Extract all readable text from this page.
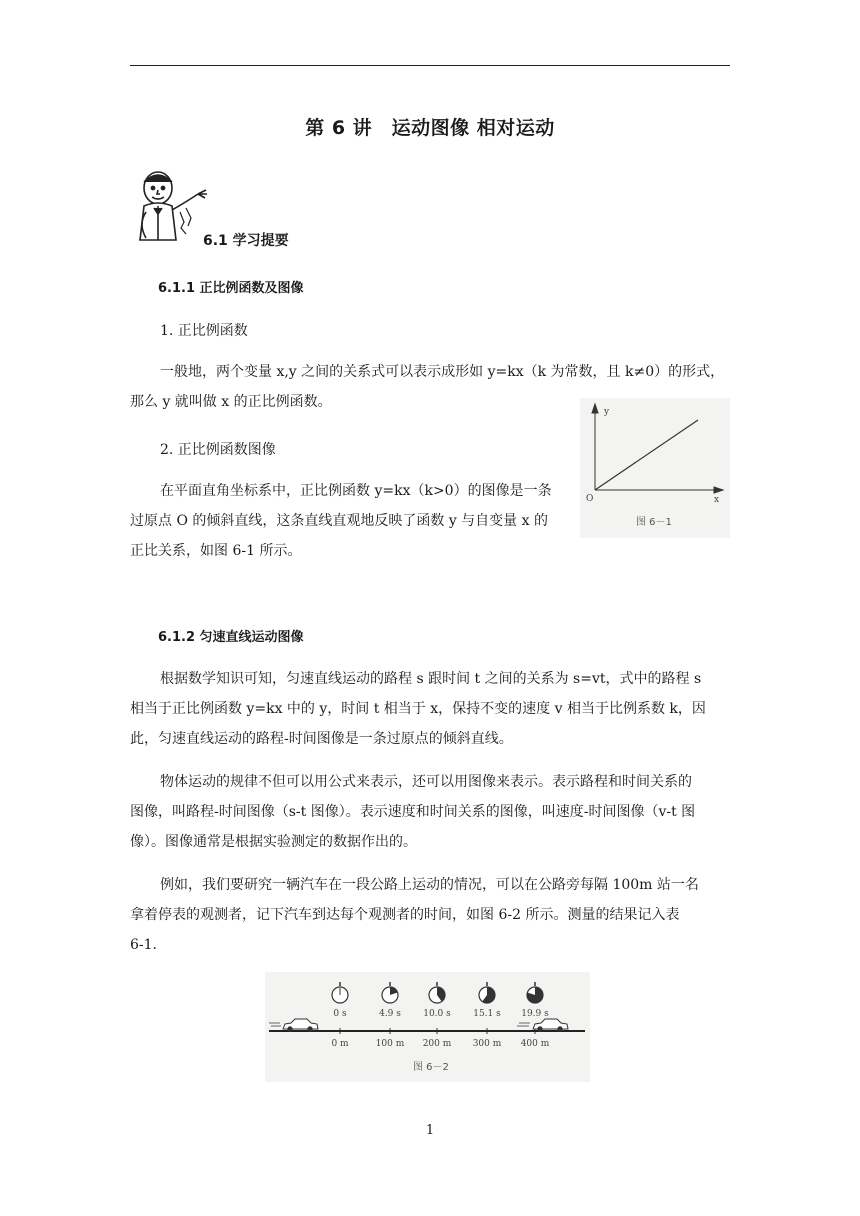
第 6 讲　运动图像 相对运动
6.1 学习提要
6.1.1 正比例函数及图像
1. 正比例函数
一般地，两个变量 x,y 之间的关系式可以表示成形如 y=kx（k 为常数，且 k≠0）的形式，
那么 y 就叫做 x 的正比例函数。
2. 正比例函数图像
在平面直角坐标系中，正比例函数 y=kx（k>0）的图像是一条
过原点 O 的倾斜直线，这条直线直观地反映了函数 y 与自变量 x 的
正比关系，如图 6-1 所示。
y
x
O
图 6－1
6.1.2 匀速直线运动图像
根据数学知识可知，匀速直线运动的路程 s 跟时间 t 之间的关系为 s=vt，式中的路程 s
相当于正比例函数 y=kx 中的 y，时间 t 相当于 x，保持不变的速度 v 相当于比例系数 k，因
此，匀速直线运动的路程-时间图像是一条过原点的倾斜直线。
物体运动的规律不但可以用公式来表示，还可以用图像来表示。表示路程和时间关系的
图像，叫路程-时间图像（s-t 图像）。表示速度和时间关系的图像，叫速度-时间图像（v-t 图
像）。图像通常是根据实验测定的数据作出的。
例如，我们要研究一辆汽车在一段公路上运动的情况，可以在公路旁每隔 100m 站一名
拿着停表的观测者，记下汽车到达每个观测者的时间，如图 6-2 所示。测量的结果记入表
6-1.
0 s
0 m
4.9 s
100 m
10.0 s
200 m
15.1 s
300 m
19.9 s
400 m
图 6－2
1
